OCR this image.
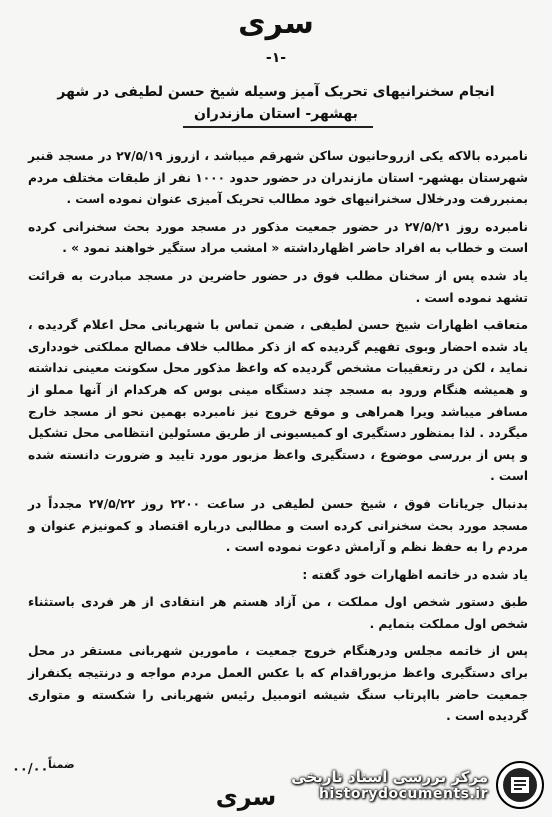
سری
-۱-
انجام سخنرانیهای تحریک آمیز وسیله شیخ حسن لطیفی در شهر
بهشهر- استان مازندران

نامبرده بالاکه یکی ازروحانیون ساکن شهرقم میباشد ، ازروز ۲۷/۵/۱۹ در مسجد قنبر شهرستان بهشهر- استان مازندران در حضور حدود ۱۰۰۰ نفر از طبقات مختلف مردم بمنبررفت ودرخلال سخنرانیهای خود مطالب تحریک آمیزی عنوان نموده است .

نامبرده روز ۲۷/۵/۲۱ در حضور جمعیت مذکور در مسجد مورد بحث سخنرانی کرده است و خطاب به افراد حاضر اظهارداشته « امشب مراد ستگیر خواهند نمود » .

یاد شده پس از سخنان مطلب فوق در حضور حاضرین در مسجد مبادرت به قرائت تشهد نموده است .

متعاقب اظهارات شیخ حسن لطیفی ، ضمن تماس با شهربانی محل اعلام گردیده ، یاد شده احضار وبوی تفهیم گردیده که از ذکر مطالب خلاف مصالح مملکتی خودداری نماید ، لکن در رتعقیبات مشخص گردیده که واعظ مذکور محل سکونت معینی نداشته و همیشه هنگام ورود به مسجد چند دستگاه مینی بوس که هرکدام از آنها مملو از مسافر میباشد ویرا همراهی و موقع خروج نیز نامبرده بهمین نحو از مسجد خارج میگردد . لذا بمنظور دستگیری او کمیسیونی از طریق مسئولین انتظامی محل تشکیل و پس از بررسی موضوع ، دستگیری واعظ مزبور مورد تایید و ضرورت دانسته شده است .

بدنبال جریانات فوق ، شیخ حسن لطیفی در ساعت ۲۲۰۰ روز ۲۷/۵/۲۲ مجدداً در مسجد مورد بحث سخنرانی کرده است و مطالبی درباره اقتصاد و کمونیزم عنوان و مردم را به حفظ نظم و آرامش دعوت نموده است .

یاد شده در خاتمه اظهارات خود گفته :

طبق دستور شخص اول مملکت ، من آزاد هستم هر انتقادی از هر فردی باستثناء شخص اول مملکت بنمایم .

پس از خاتمه مجلس ودرهنگام خروج جمعیت ، مامورین شهربانی مستقر در محل برای دستگیری واعظ مزبوراقدام که با عکس العمل مردم مواجه و درنتیجه یکنفراز جمعیت حاضر بااپرتاب سنگ شیشه اتومبیل رئیس شهربانی را شکسته و متواری گردیده است .

۰۰/۰۰ ضمناً
سری
مرکز بررسی اسناد تاریخی
historydocuments.ir
